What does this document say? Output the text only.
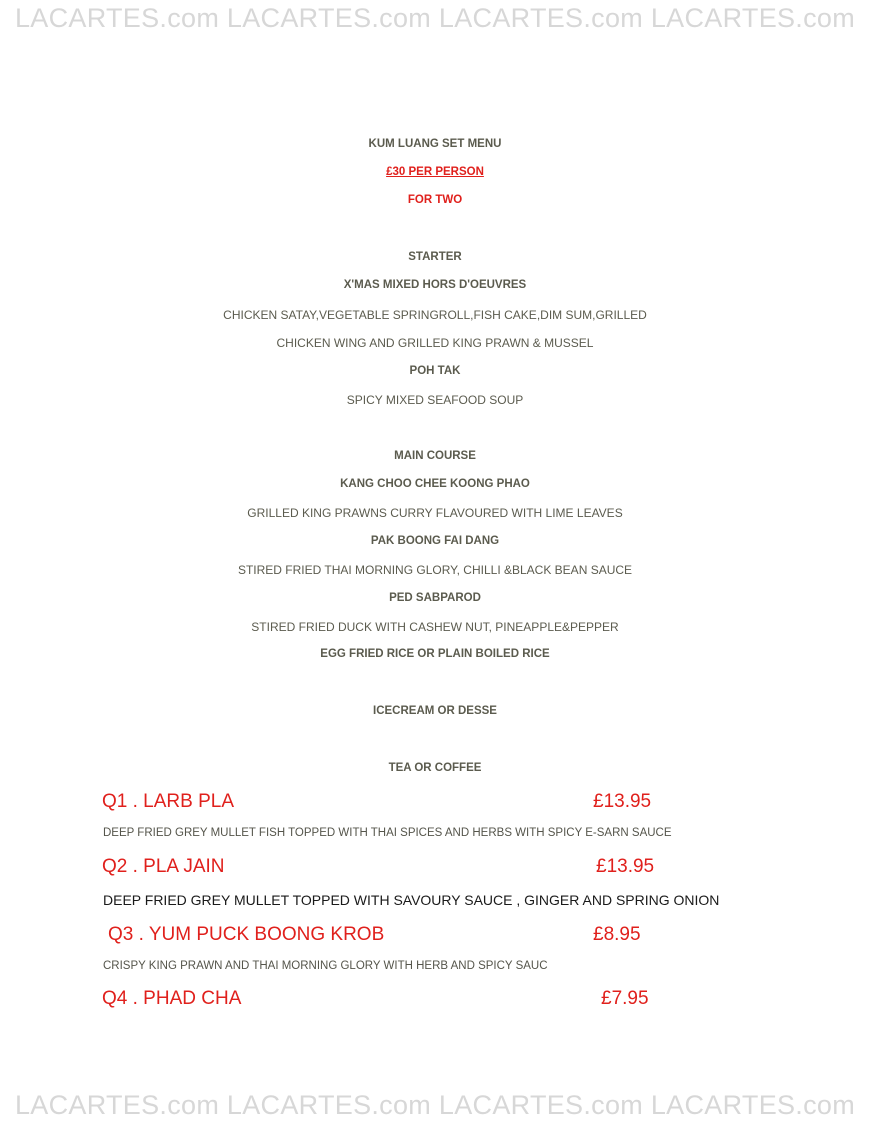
LACARTES.com LACARTES.com LACARTES.com LACARTES.com
KUM LUANG SET MENU
£30 PER PERSON
FOR TWO
STARTER
X'MAS MIXED HORS D'OEUVRES
CHICKEN SATAY,VEGETABLE SPRINGROLL,FISH CAKE,DIM SUM,GRILLED
CHICKEN WING AND GRILLED KING PRAWN & MUSSEL
POH TAK
SPICY MIXED SEAFOOD SOUP
MAIN COURSE
KANG CHOO CHEE KOONG PHAO
GRILLED KING PRAWNS CURRY FLAVOURED WITH LIME LEAVES
PAK BOONG FAI DANG
STIRED FRIED THAI MORNING GLORY, CHILLI &BLACK BEAN SAUCE
PED SABPAROD
STIRED FRIED DUCK WITH CASHEW NUT, PINEAPPLE&PEPPER
EGG FRIED RICE OR PLAIN BOILED RICE
ICECREAM OR DESSE
TEA OR COFFEE
Q1 . LARB PLA	£13.95
DEEP FRIED GREY MULLET FISH TOPPED WITH THAI SPICES AND HERBS WITH SPICY E-SARN SAUCE
Q2 . PLA JAIN	£13.95
DEEP FRIED GREY MULLET TOPPED WITH SAVOURY SAUCE , GINGER AND SPRING ONION
Q3 . YUM PUCK BOONG KROB	£8.95
CRISPY KING PRAWN AND THAI MORNING GLORY WITH HERB AND SPICY SAUC
Q4 . PHAD CHA	£7.95
LACARTES.com LACARTES.com LACARTES.com LACARTES.com
